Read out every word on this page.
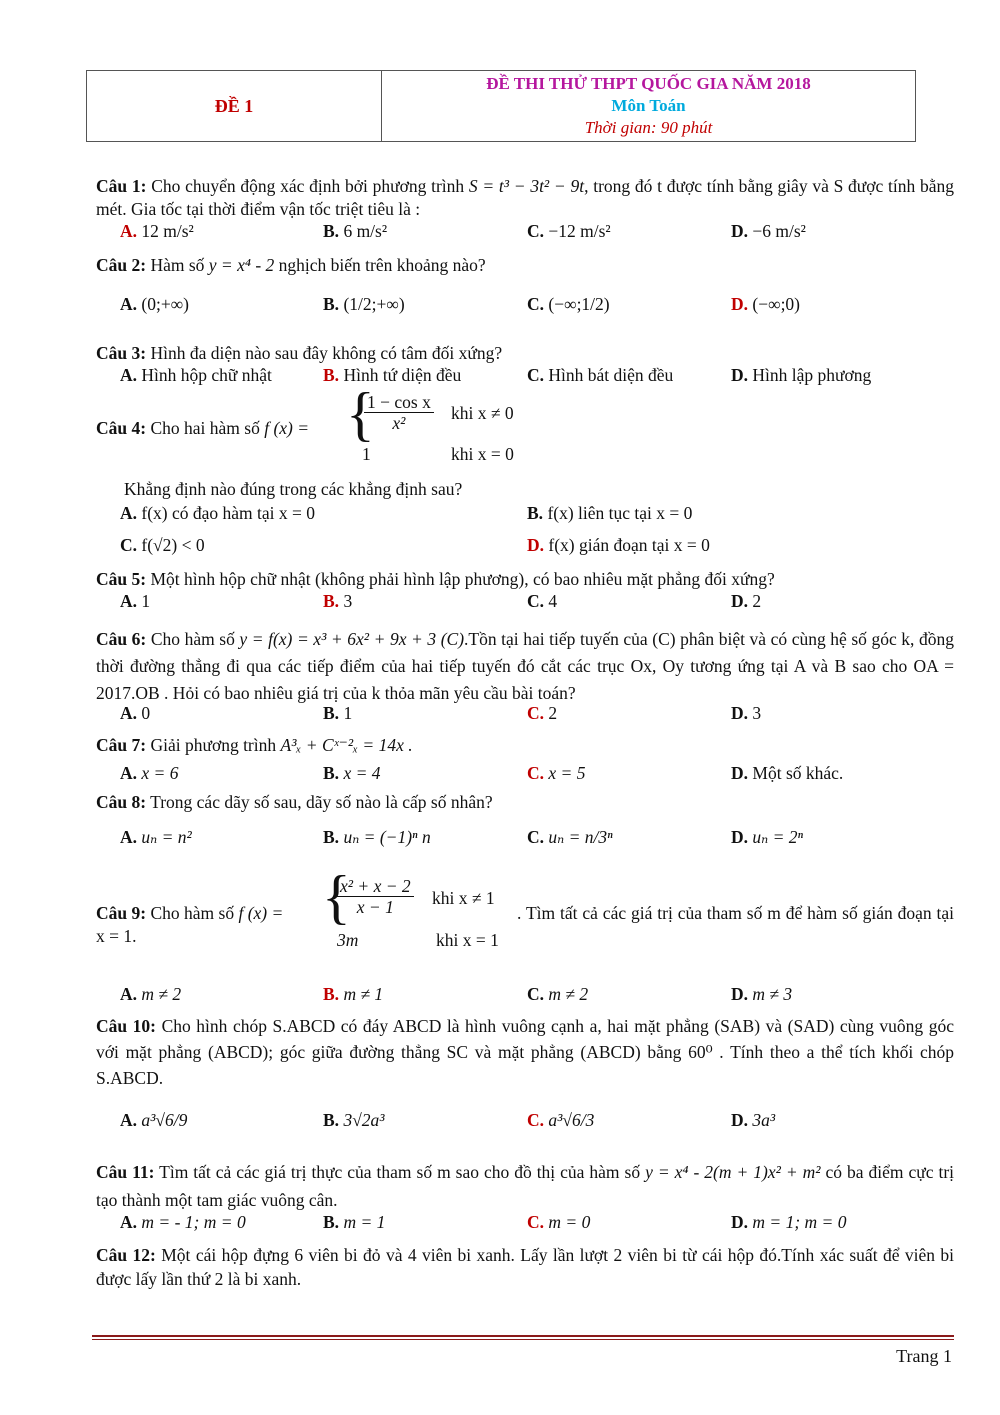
ĐỀ 1
ĐỀ THI THỬ THPT QUỐC GIA NĂM 2018
Môn Toán
Thời gian: 90 phút
Câu 1: Cho chuyển động xác định bởi phương trình S = t³ − 3t² − 9t, trong đó t được tính bằng giây và S được tính bằng mét. Gia tốc tại thời điểm vận tốc triệt tiêu là :
A. 12 m/s²	B. 6 m/s²	C. −12 m/s²	D. −6 m/s²
Câu 2: Hàm số y = x⁴ - 2 nghịch biến trên khoảng nào?
A. (0;+∞)	B. (1/2;+∞)	C. (−∞;1/2)	D. (−∞;0)
Câu 3: Hình đa diện nào sau đây không có tâm đối xứng?
A. Hình hộp chữ nhật	B. Hình tứ diện đều	C. Hình bát diện đều	D. Hình lập phương
Câu 4: Cho hai hàm số f (x) = {
$\frac{\text{1 − cos x}}{\text{x²}}$ khi x ≠ 0
1	khi x = 0
Khẳng định nào đúng trong các khẳng định sau?
A. f(x) có đạo hàm tại x = 0	B. f(x) liên tục tại x = 0
C. f(√2) < 0	D. f(x) gián đoạn tại x = 0
Câu 5: Một hình hộp chữ nhật (không phải hình lập phương), có bao nhiêu mặt phẳng đối xứng?
A. 1	B. 3	C. 4	D. 2
Câu 6: Cho hàm số y = f(x) = x³ + 6x² + 9x + 3 (C).Tồn tại hai tiếp tuyến của (C) phân biệt và có cùng hệ số góc k, đồng thời đường thẳng đi qua các tiếp điểm của hai tiếp tuyến đó cắt các trục Ox, Oy tương ứng tại A và B sao cho OA = 2017.OB . Hỏi có bao nhiêu giá trị của k thỏa mãn yêu cầu bài toán?
A. 0	B. 1	C. 2	D. 3
Câu 7: Giải phương trình A³ₓ + Cˣ⁻²ₓ = 14x .
A. x = 6	B. x = 4	C. x = 5	D. Một số khác.
Câu 8: Trong các dãy số sau, dãy số nào là cấp số nhân?
A. uₙ = n²	B. uₙ = (−1)ⁿ n	C. uₙ = n/3ⁿ	D. uₙ = 2ⁿ
Câu 9: Cho hàm số f (x) = {
$\frac{\text{x² + x − 2}}{x - 1}$ khi x ≠ 1
3m	khi x = 1
. Tìm tất cả các giá trị của tham số m để hàm số gián đoạn tại x = 1.
A. m ≠ 2	B. m ≠ 1	C. m ≠ 2	D. m ≠ 3
Câu 10: Cho hình chóp S.ABCD có đáy ABCD là hình vuông cạnh a, hai mặt phẳng (SAB) và (SAD) cùng vuông góc với mặt phẳng (ABCD); góc giữa đường thẳng SC và mặt phẳng (ABCD) bằng 60⁰ . Tính theo a thể tích khối chóp S.ABCD.
A. a³√6/9	B. 3√2a³	C. a³√6/3	D. 3a³
Câu 11: Tìm tất cả các giá trị thực của tham số m sao cho đồ thị của hàm số y = x⁴ - 2(m + 1)x² + m² có ba điểm cực trị tạo thành một tam giác vuông cân.
A. m = - 1; m = 0	B. m = 1	C. m = 0	D. m = 1; m = 0
Câu 12: Một cái hộp đựng 6 viên bi đỏ và 4 viên bi xanh. Lấy lần lượt 2 viên bi từ cái hộp đó.Tính xác suất để viên bi được lấy lần thứ 2 là bi xanh.
Trang 1
